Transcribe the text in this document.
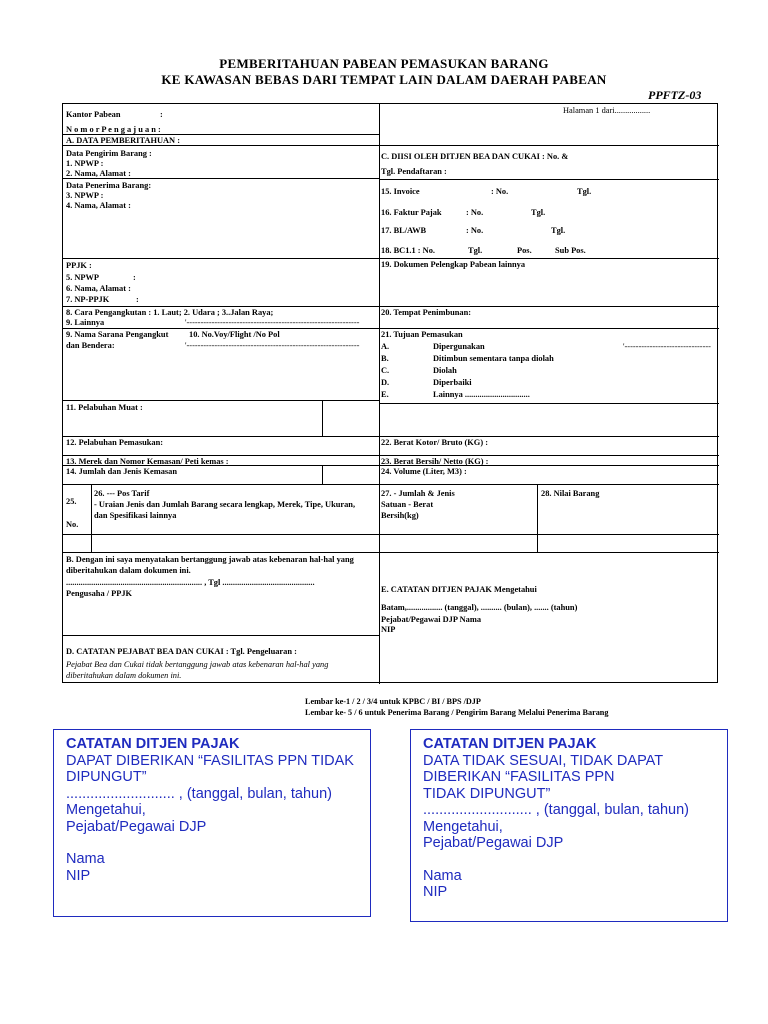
PEMBERITAHUAN PABEAN PEMASUKAN BARANG
KE KAWASAN BEBAS DARI TEMPAT LAIN DALAM DAERAH PABEAN
PPFTZ-03
Kantor Pabean	:
N o m o r P e n g a j u a n :
A. DATA PEMBERITAHUAN :
Data Pengirim Barang :
1. NPWP :
2. Nama, Alamat :
Data Penerima Barang:
3. NPWP :
4. Nama, Alamat :
PPJK :
5. NPWP	:
6. Nama, Alamat :
7. NP-PPJK	:
8. Cara Pengangkutan : 1. Laut; 2. Udara ; 3..Jalan Raya;
9. Lainnya	'--------------------------------------------------------------
9. Nama Sarana Pengangkut 10. No.Voy/Flight /No Pol
dan Bendera:	'--------------------------------------------------------------
11. Pelabuhan Muat :
12. Pelabuhan Pemasukan:
13. Merek dan Nomor Kemasan/ Peti kemas :
14. Jumlah dan Jenis Kemasan
25.
No.
26. --- Pos Tarif
- Uraian Jenis dan Jumlah Barang secara lengkap, Merek, Tipe, Ukuran,
dan Spesifikasi lainnya
B. Dengan ini saya menyatakan bertanggung jawab atas kebenaran hal-hal yang
diberitahukan dalam dokumen ini.
................................................................. , Tgl ............................................
Pengusaha / PPJK
D. CATATAN PEJABAT BEA DAN CUKAI : Tgl. Pengeluaran :
Pejabat Bea dan Cukai tidak bertanggung jawab atas kebenaran hal-hal yang
diberitahukan dalam dokumen ini.
Halaman 1 dari.................
C. DIISI OLEH DITJEN BEA DAN CUKAI : No. &
Tgl. Pendaftaran :
15. Invoice	: No.	Tgl.
16. Faktur Pajak	: No.	Tgl.
17. BL/AWB	: No.	Tgl.
18. BC1.1 : No.	Tgl.	Pos.	Sub Pos.
19. Dokumen Pelengkap Pabean lainnya
20. Tempat Penimbunan:
21. Tujuan Pemasukan
A.	Dipergunakan	'-------------------------------
B.	Ditimbun sementara tanpa diolah
C.	Diolah
D.	Diperbaiki
E.	Lainnya ...............................
22. Berat Kotor/ Bruto (KG) :
23. Berat Bersih/ Netto (KG) :
24. Volume (Liter, M3) :
27. - Jumlah & Jenis
Satuan - Berat
Bersih(kg)
28. Nilai Barang
E. CATATAN DITJEN PAJAK Mengetahui
Batam,................. (tanggal), .......... (bulan), ....... (tahun)
Pejabat/Pegawai DJP Nama
NIP
Lembar ke-1 / 2 / 3/4 untuk KPBC / BI / BPS /DJP
Lembar ke- 5 / 6 untuk Penerima Barang / Pengirim Barang Melalui Penerima Barang
CATATAN DITJEN PAJAK
DAPAT DIBERIKAN “FASILITAS PPN TIDAK
DIPUNGUT”
........................... , (tanggal, bulan, tahun)
Mengetahui,
Pejabat/Pegawai DJP
Nama
NIP
CATATAN DITJEN PAJAK
DATA TIDAK SESUAI, TIDAK DAPAT
DIBERIKAN “FASILITAS PPN
TIDAK DIPUNGUT”
........................... , (tanggal, bulan, tahun)
Mengetahui,
Pejabat/Pegawai DJP
Nama
NIP
